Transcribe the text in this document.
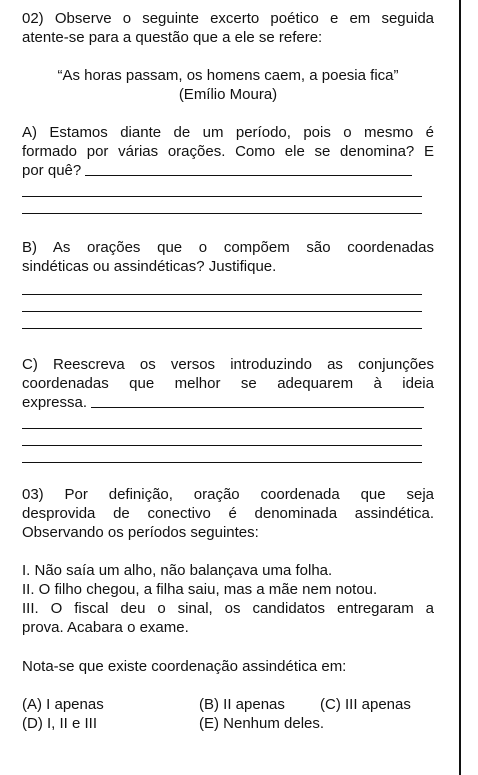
02) Observe o seguinte excerto poético e em seguida

atente-se para a questão que a ele se refere:

“As horas passam, os homens caem, a poesia fica”

(Emílio Moura)

A) Estamos diante de um período, pois o mesmo é

formado por várias orações. Como ele se denomina? E

por quê?

B) As orações que o compõem são coordenadas

sindéticas ou assindéticas? Justifique.

C) Reescreva os versos introduzindo as conjunções

coordenadas que melhor se adequarem à ideia

expressa.

03) Por definição, oração coordenada que seja

desprovida de conectivo é denominada assindética.

Observando os períodos seguintes:

I. Não saía um alho, não balançava uma folha.

II. O filho chegou, a filha saiu, mas a mãe nem notou.

III. O fiscal deu o sinal, os candidatos entregaram a

prova. Acabara o exame.

Nota-se que existe coordenação assindética em:

(A) I apenas	(B) II apenas	(C) III apenas

(D) I, II e III	(E) Nenhum deles.
